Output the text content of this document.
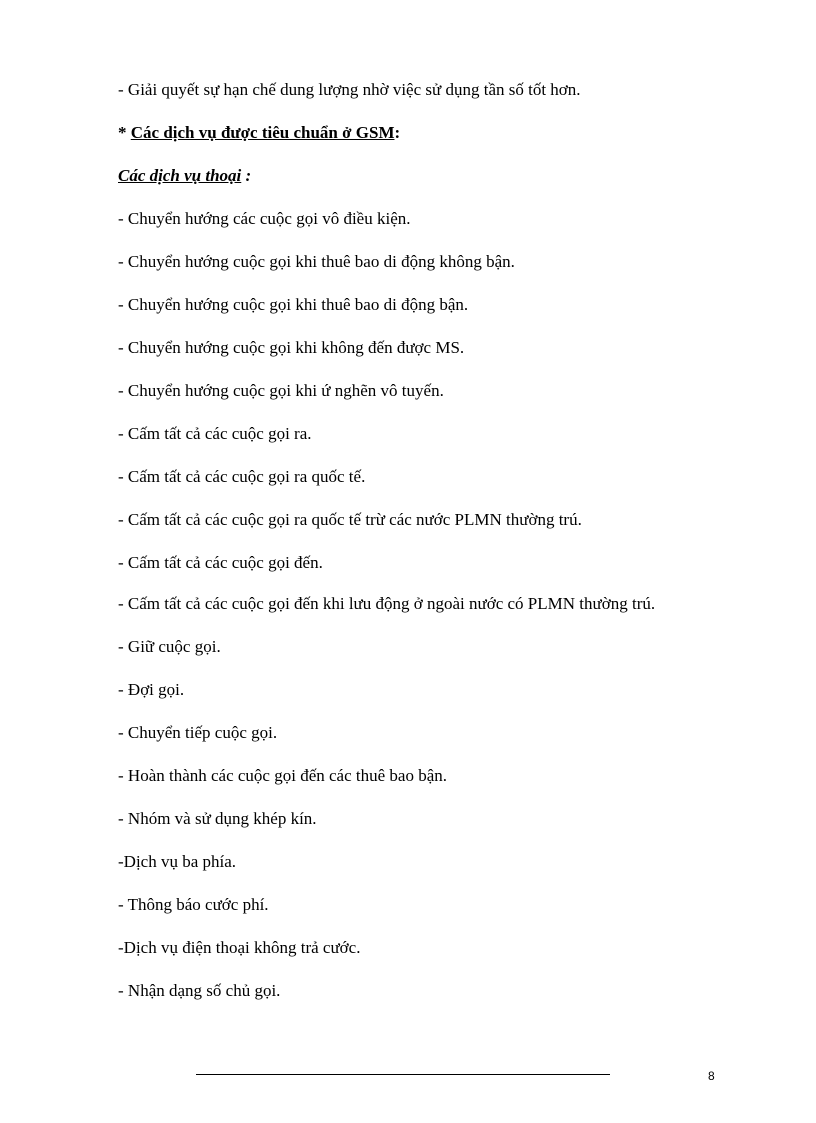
- Giải quyết sự hạn chế dung lượng nhờ việc sử dụng tần số tốt hơn.

* Các dịch vụ được tiêu chuẩn ở GSM:

Các dịch vụ thoại :

- Chuyển hướng các cuộc gọi vô điều kiện.

- Chuyển hướng cuộc gọi khi thuê bao di động không bận.

- Chuyển hướng cuộc gọi khi thuê bao di động bận.

- Chuyển hướng cuộc gọi khi không đến được MS.

- Chuyển hướng cuộc gọi khi ứ nghẽn vô tuyến.

- Cấm tất cả các cuộc gọi ra.

- Cấm tất cả các cuộc gọi ra quốc tế.

- Cấm tất cả các cuộc gọi ra quốc tế trừ các nước PLMN thường trú.

- Cấm tất cả các cuộc gọi đến.

- Cấm tất cả các cuộc gọi đến khi lưu động ở ngoài nước có PLMN thường trú.

- Giữ cuộc gọi.

- Đợi gọi.

- Chuyển tiếp cuộc gọi.

- Hoàn thành các cuộc gọi đến các thuê bao bận.

- Nhóm và sử dụng khép kín.

-Dịch vụ ba phía.

- Thông báo cước phí.

-Dịch vụ điện thoại không trả cước.

- Nhận dạng số chủ gọi.

8
